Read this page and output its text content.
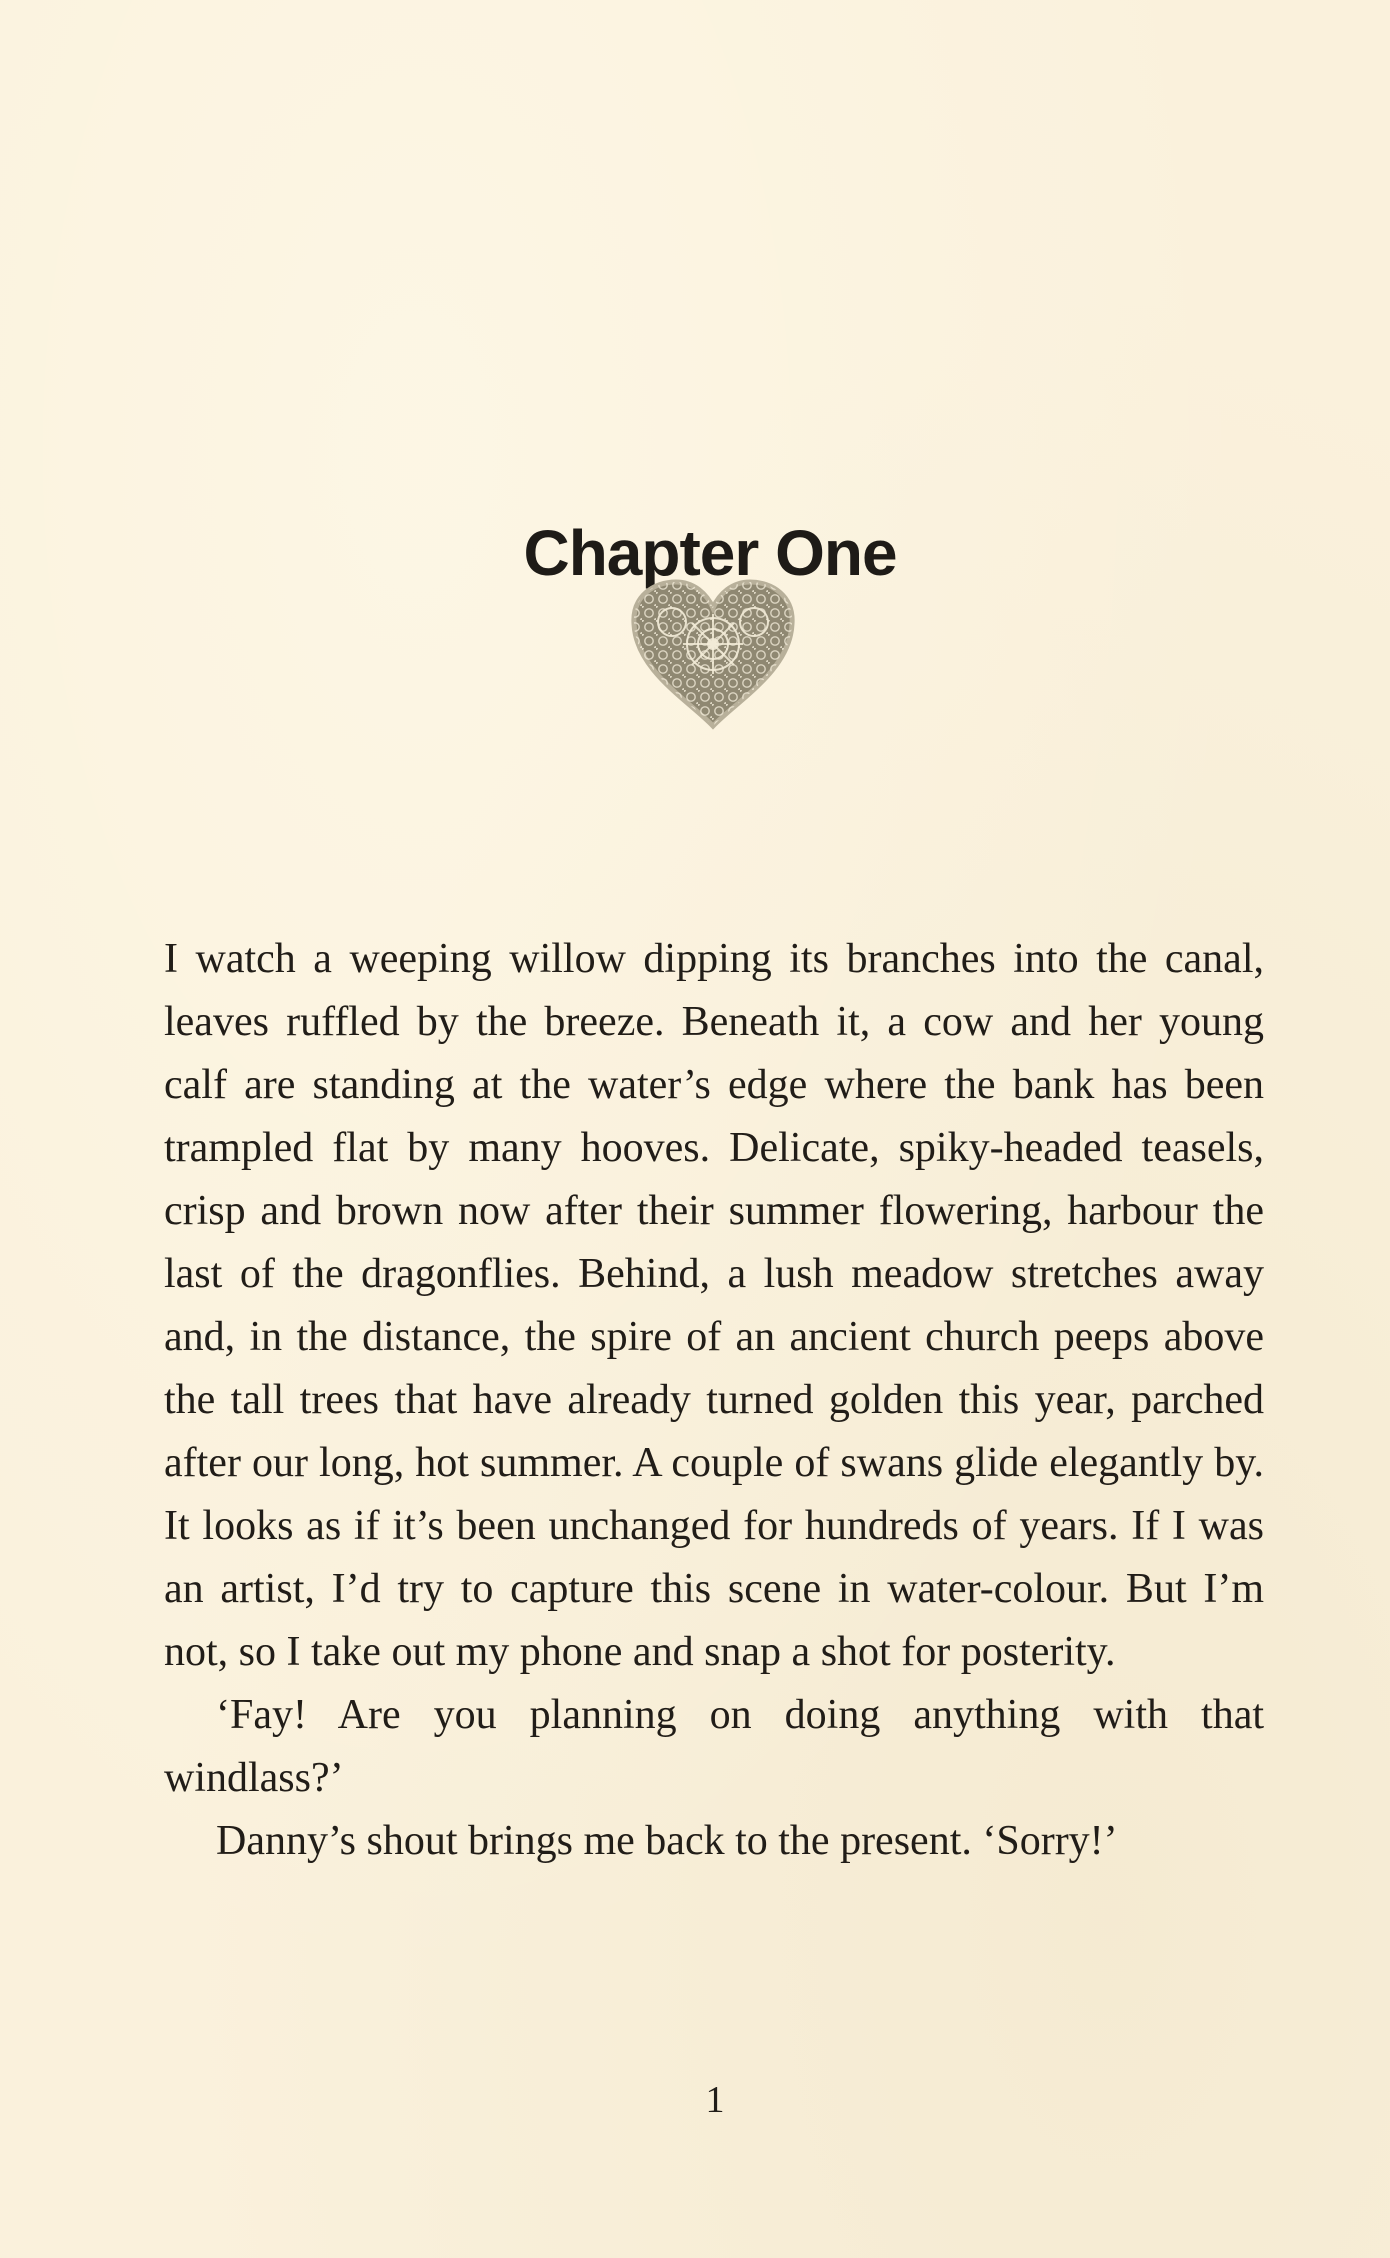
Chapter One

I watch a weeping willow dipping its branches into the canal, leaves ruffled by the breeze. Beneath it, a cow and her young calf are standing at the water’s edge where the bank has been trampled flat by many hooves. Delicate, spiky-headed teasels, crisp and brown now after their summer flowering, harbour the last of the dragonflies. Behind, a lush meadow stretches away and, in the distance, the spire of an ancient church peeps above the tall trees that have already turned golden this year, parched after our long, hot summer. A couple of swans glide elegantly by. It looks as if it’s been unchanged for hundreds of years. If I was an artist, I’d try to capture this scene in water-colour. But I’m not, so I take out my phone and snap a shot for posterity.

‘Fay! Are you planning on doing anything with that windlass?’

Danny’s shout brings me back to the present. ‘Sorry!’

1
